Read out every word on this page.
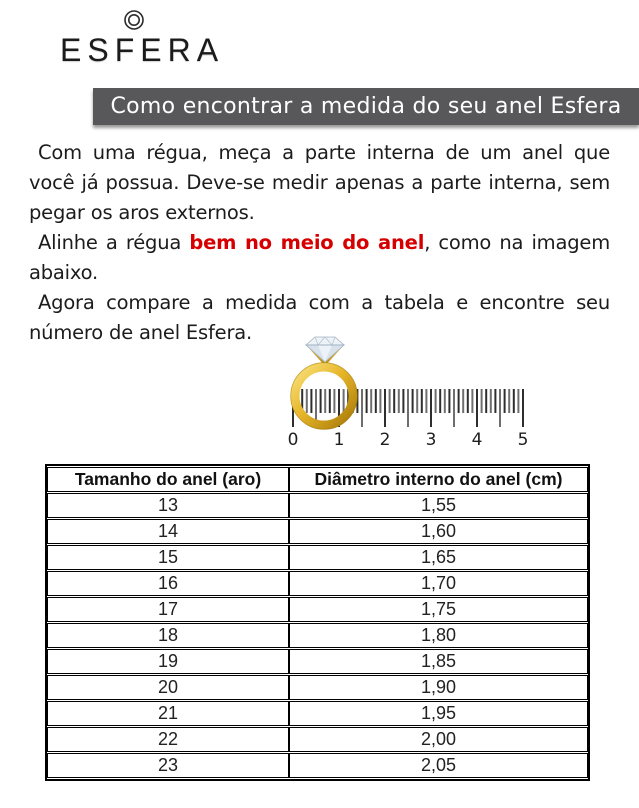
ESFERA
Como encontrar a medida do seu anel Esfera

Com uma régua, meça a parte interna de um anel que você já possua. Deve-se medir apenas a parte interna, sem pegar os aros externos.

Alinhe a régua bem no meio do anel, como na imagem abaixo.

Agora compare a medida com a tabela e encontre seu número de anel Esfera.

0 1 2 3 4 5
Tamanho do anel (aro)	Diâmetro interno do anel (cm)
13	1,55
14	1,60
15	1,65
16	1,70
17	1,75
18	1,80
19	1,85
20	1,90
21	1,95
22	2,00
23	2,05
